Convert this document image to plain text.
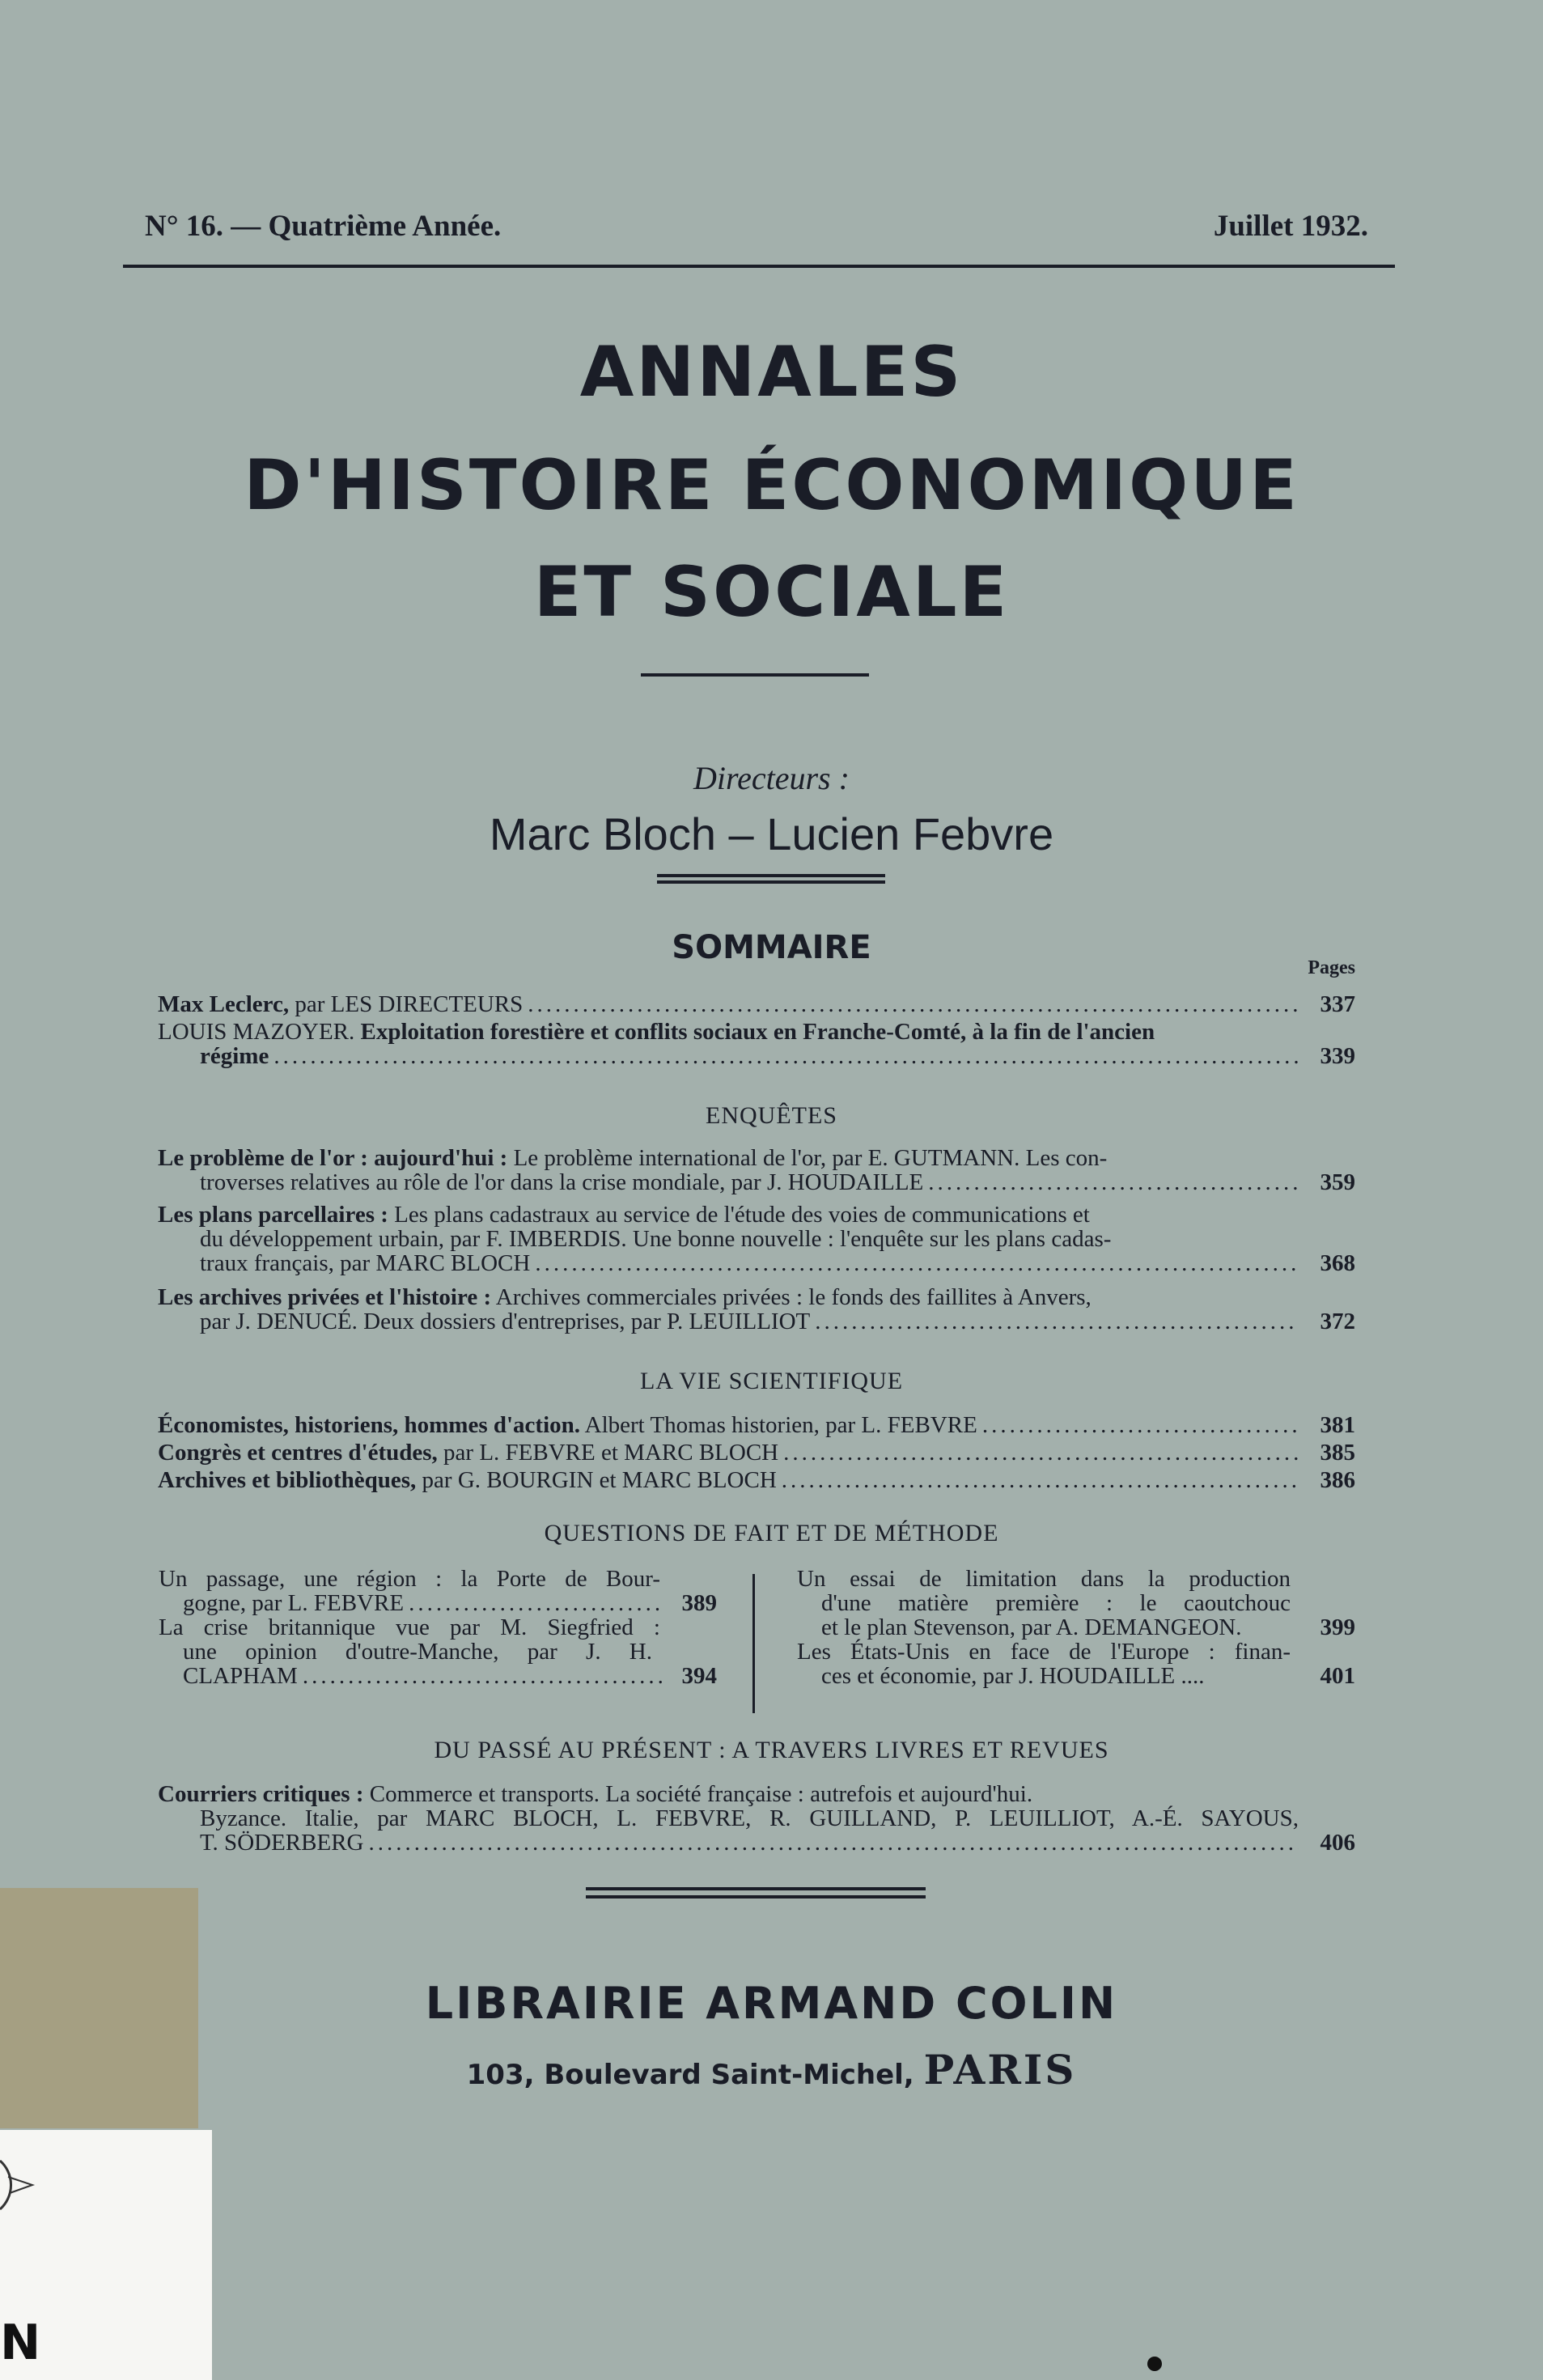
N° 16. — Quatrième Année.	Juillet 1932.
ANNALES
D'HISTOIRE ÉCONOMIQUE
ET SOCIALE
Directeurs :
Marc Bloch – Lucien Febvre
SOMMAIRE
Pages
Max Leclerc, par LES DIRECTEURS .....	337
LOUIS MAZOYER. Exploitation forestière et conflits sociaux en Franche-Comté, à la fin de l'ancien
régime .....	339
ENQUÊTES
Le problème de l'or : aujourd'hui : Le problème international de l'or, par E. GUTMANN. Les con-
troverses relatives au rôle de l'or dans la crise mondiale, par J. HOUDAILLE .....	359
Les plans parcellaires : Les plans cadastraux au service de l'étude des voies de communications et
du développement urbain, par F. IMBERDIS. Une bonne nouvelle : l'enquête sur les plans cadas-
traux français, par MARC BLOCH .....	368
Les archives privées et l'histoire : Archives commerciales privées : le fonds des faillites à Anvers,
par J. DENUCÉ. Deux dossiers d'entreprises, par P. LEUILLIOT .....	372
LA VIE SCIENTIFIQUE
Économistes, historiens, hommes d'action. Albert Thomas historien, par L. FEBVRE .....	381
Congrès et centres d'études, par L. FEBVRE et MARC BLOCH .....	385
Archives et bibliothèques, par G. BOURGIN et MARC BLOCH .....	386
QUESTIONS DE FAIT ET DE MÉTHODE
Un passage, une région : la Porte de Bour-
gogne, par L. FEBVRE .....	389
La crise britannique vue par M. Siegfried :
une opinion d'outre-Manche, par J. H.
CLAPHAM .....	394
Un essai de limitation dans la production
d'une matière première : le caoutchouc
et le plan Stevenson, par A. DEMANGEON.	399
Les États-Unis en face de l'Europe : finan-
ces et économie, par J. HOUDAILLE ....	401
DU PASSÉ AU PRÉSENT : A TRAVERS LIVRES ET REVUES
Courriers critiques : Commerce et transports. La société française : autrefois et aujourd'hui.
Byzance. Italie, par MARC BLOCH, L. FEBVRE, R. GUILLAND, P. LEUILLIOT, A.-É. SAYOUS,
T. SÖDERBERG .....	406
LIBRAIRIE ARMAND COLIN
103, Boulevard Saint-Michel, PARIS
N
